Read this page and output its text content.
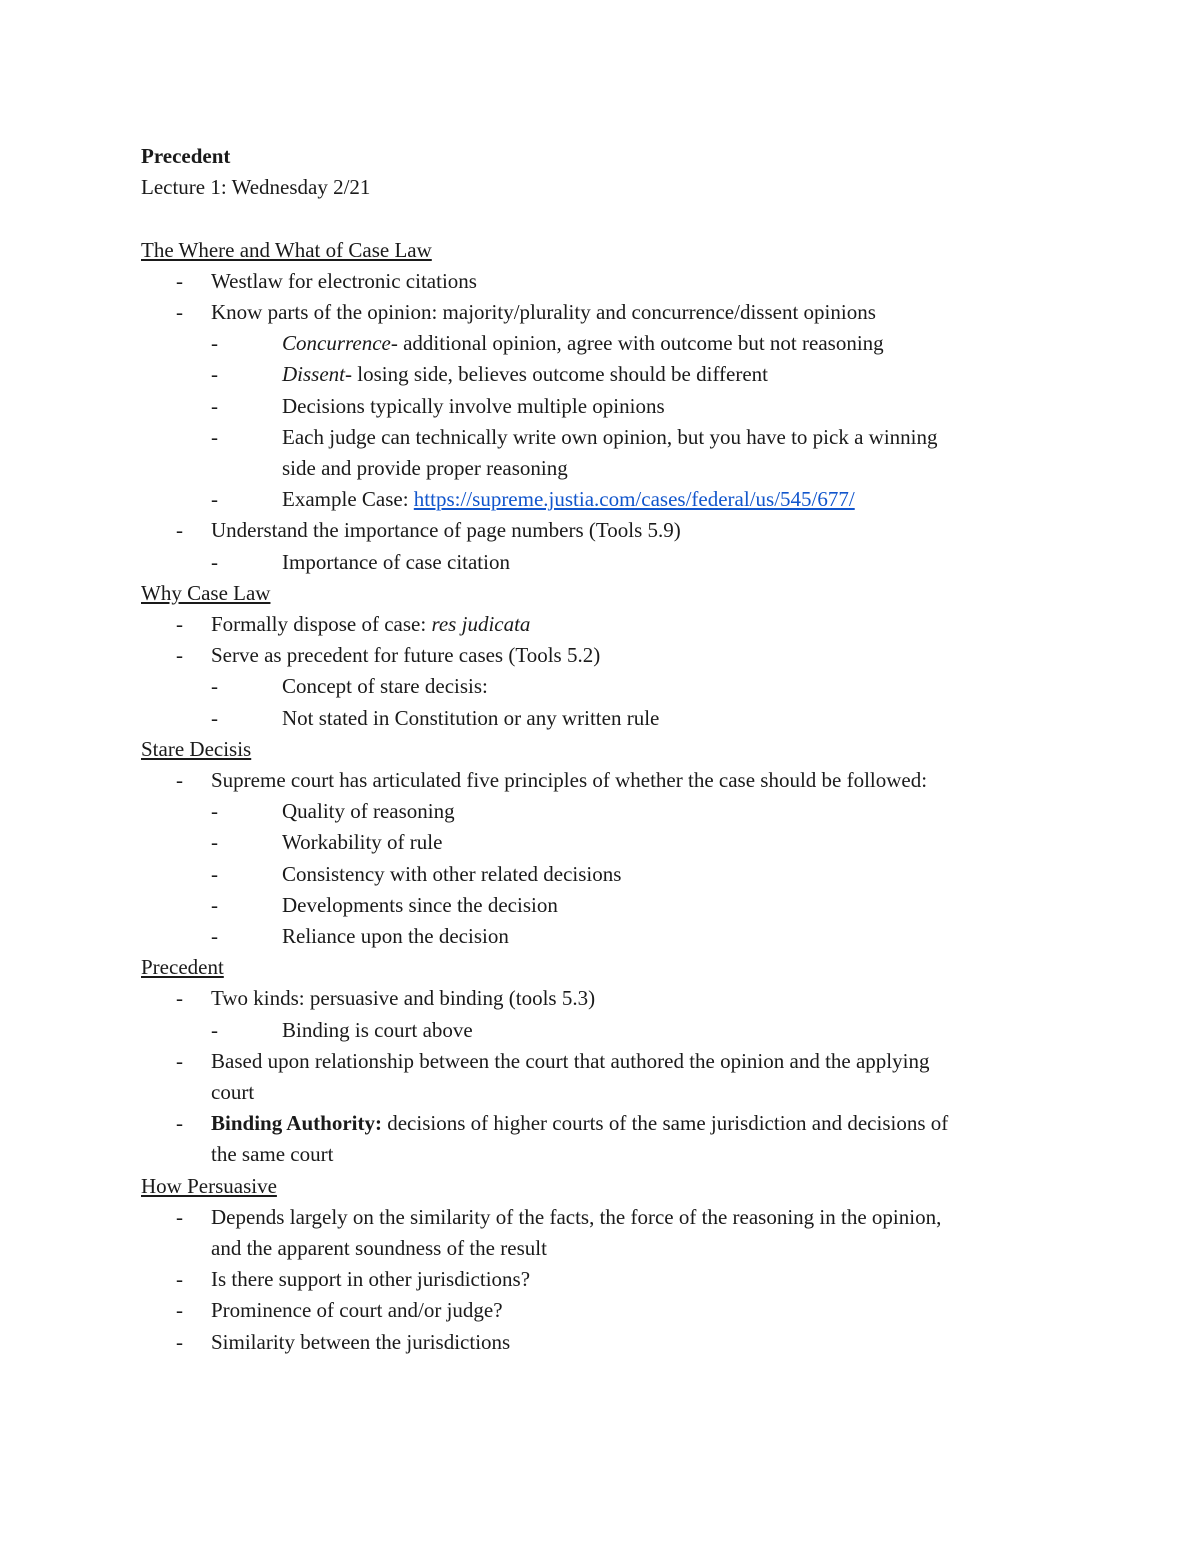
Precedent
Lecture 1: Wednesday 2/21
The Where and What of Case Law
- Westlaw for electronic citations
- Know parts of the opinion: majority/plurality and concurrence/dissent opinions
-	Concurrence- additional opinion, agree with outcome but not reasoning
-	Dissent- losing side, believes outcome should be different
-	Decisions typically involve multiple opinions
-	Each judge can technically write own opinion, but you have to pick a winning
side and provide proper reasoning
-	Example Case: https://supreme.justia.com/cases/federal/us/545/677/
- Understand the importance of page numbers (Tools 5.9)
-	Importance of case citation
Why Case Law
- Formally dispose of case: res judicata
- Serve as precedent for future cases (Tools 5.2)
-	Concept of stare decisis:
-	Not stated in Constitution or any written rule
Stare Decisis
- Supreme court has articulated five principles of whether the case should be followed:
-	Quality of reasoning
-	Workability of rule
-	Consistency with other related decisions
-	Developments since the decision
-	Reliance upon the decision
Precedent
- Two kinds: persuasive and binding (tools 5.3)
-	Binding is court above
- Based upon relationship between the court that authored the opinion and the applying
court
- Binding Authority: decisions of higher courts of the same jurisdiction and decisions of
the same court
How Persuasive
- Depends largely on the similarity of the facts, the force of the reasoning in the opinion,
and the apparent soundness of the result
- Is there support in other jurisdictions?
- Prominence of court and/or judge?
- Similarity between the jurisdictions
